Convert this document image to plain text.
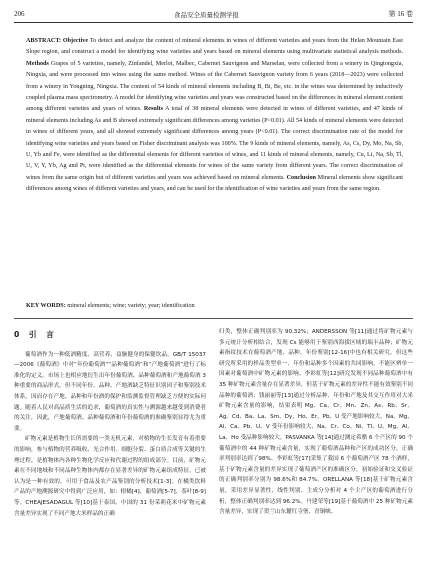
206	食品安全质量检测学报	第 16 卷
ABSTRACT: Objective To detect and analyze the content of mineral elements in wines of different varieties and years from the Helan Mountain East Slope region, and construct a model for identifying wine varieties and years based on mineral elements using multivariate statistical analysis methods. Methods Grapes of 5 varieties, namely, Zinfandel, Merlot, Malbec, Cabernet Sauvignon and Marselan, were collected from a winery in Qingtongxia, Ningxia, and were processed into wines using the same method. Wines of the Cabernet Sauvignon variety from 6 years (2018—2023) were collected from a winery in Yongning, Ningxia. The content of 54 kinds of mineral elements including B, Bi, Be, etc. in the wines was determined by inductively coupled plasma mass spectrometry. A model for identifying wine varieties and years was constructed based on the differences in mineral element content among different varieties and years of wines. Results A total of 38 mineral elements were detected in wines of different varieties, and 47 kinds of mineral elements including As and B showed extremely significant differences among varieties (P<0.01). All 54 kinds of mineral elements were detected in wines of different years, and all showed extremely significant differences among years (P<0.01). The correct discrimination rate of the model for identifying wine varieties and years based on Fisher discriminant analysis was 100%. The 9 kinds of mineral elements, namely, As, Cs, Dy, Mo, Na, Sb, U, Yb and Fe, were identified as the differential elements for different varieties of wines, and 11 kinds of mineral elements, namely, Cu, Li, Na, Sb, Tl, U, V, Y, Yb, Ag and Pt, were identified as the differential elements for wines of the same variety from different years. The correct discrimination of wines from the same origin but of different varieties and years was achieved based on mineral elements. Conclusion Mineral elements show significant differences among wines of different varieties and years, and can be used for the identification of wine varieties and years from the same region.
KEY WORDS: mineral elements; wine; variety; year; identification
0　引　言

葡萄酒作为一种低酒精度、高营养、益脑健身的保健饮品，GB/T 15037—2006《葡萄酒》中对“年份葡萄酒”“品种葡萄酒”和“产地葡萄酒”进行了标准化的定义。市场上也相应地衍生出年份葡萄酒、品种葡萄酒和产地葡萄酒 3 种重要的商品形式，但不同年份、品种、产地酒缺乏特征识别因子和鉴别技术体系，因而存在产地、品种和年份酒的保护和监测监督管理缺乏方便的实际问题。随着人民对高品质生活的追求，葡萄酒的真实性与溯源越来越受到消费者的关注，因此，产地葡萄酒、品种葡萄酒和年份葡萄酒的准确鉴别显得尤为重要。

矿物元素是植物生长所需要的一类无机元素，对植物的生长发育有着重要的影响，参与植物的营养吸收、光合作用、细胞分裂、蛋白质合成等关键的生理过程，是植物体内各种生物化学反应和代谢过程的组成部分。目前，矿物元素在不同地域和不同品种生物体内都存在显著差异的矿物元素组成特征，已被认为是一种有效的、可用于食品及农产品鉴别的分析技术[1-3]。在橘类饮料产品的产地溯源研究中得到广泛应用，如：柑橘[4]、葡萄酒[5-7]、茶叶[8-9]等。CHEAJESADAGUL 等[10]基于泰国、中国的 31 份茉莉花米中矿物元素含量差异实现了不同产地大米样品的正确

归类，整体正确判别率为 90.32%；ANDERSSON 等[11]通过将矿物元素与多元统计分析相结合，发现 Cs 能够用于鉴别西海拔区域的瑞丰品种；矿物元素指纹技术在葡萄酒产地、品种、年份鉴别[12-16]中也有相关研究，但这些研究所采用的样品类型单一、年份和品种多个因素的共同影响，不能区辨单一因素对葡萄酒中矿物元素的影响。李彩虹等[12]研究发现不同品种葡萄酒中有 35 种矿物元素含量存在显著差异，但基于矿物元素的差异性不能有效鉴别不同品种的葡萄酒；钱丽丽等[13]通过分析品种、年份和产地及其交互作用对大米矿物元素含量的影响，结果表明 Mg、Ca、Cr、Mn、Zn、As、Rb、Sr、Ag、Cd、Ba、La、Sm、Dy、Ho、Er、Pb、U 受产地影响较大，Na、Mg、Al、Ca、Pb、U、V 受年份影响较大，Na、Cr、Co、Ni、Tl、U、Mg、Al、La、Ho 受品种影响较大。PASVANKA 等[14]通过测定希腊 6 个产区的 90 个葡萄酒中的 44 种矿物元素含量，实现了葡萄酒品种和产区的成功区分，正确率判别率达到了98%。李彩虹等[17]采集了我国 6 个葡萄酒产区 78 个酒样，基于矿物元素含量的差异实现了葡萄酒产区的准确区分，初始验证和交叉验证的正确判别率分别为 98.6%和 84.7%。ORELLANA 等[18]基于矿物元素含量，采用差异显著性、线性判别、主成分分析对 4 个主产区的葡萄酒进行分析，整体正确判别率达到 96.2%。丹建荣等[19]基于葡萄酒中 25 种矿物元素含量差异，实现了贺兰山东麓红寺堡、青铜峡、
